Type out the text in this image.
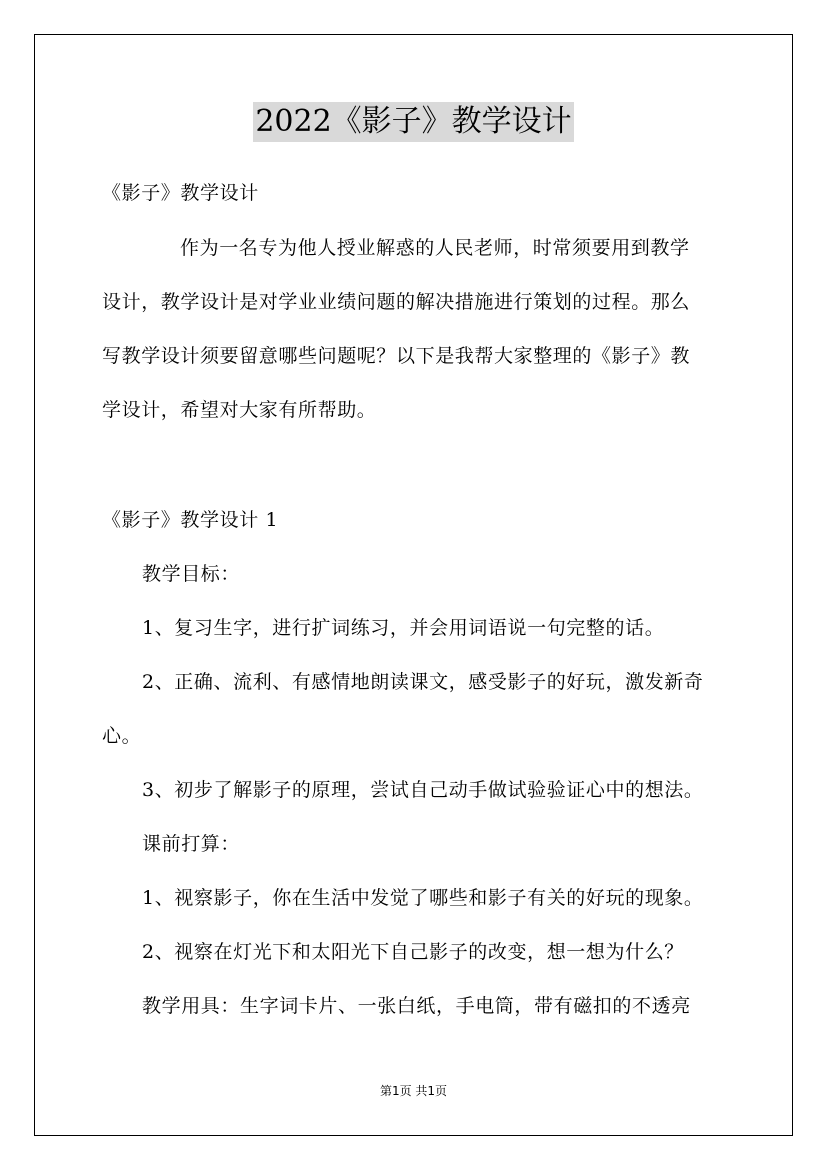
2022《影子》教学设计
《影子》教学设计
作为一名专为他人授业解惑的人民老师，时常须要用到教学
设计，教学设计是对学业业绩问题的解决措施进行策划的过程。那么
写教学设计须要留意哪些问题呢？以下是我帮大家整理的《影子》教
学设计，希望对大家有所帮助。
《影子》教学设计 1
教学目标：
1、复习生字，进行扩词练习，并会用词语说一句完整的话。
2、正确、流利、有感情地朗读课文，感受影子的好玩，激发新奇
心。
3、初步了解影子的原理，尝试自己动手做试验验证心中的想法。
课前打算：
1、视察影子，你在生活中发觉了哪些和影子有关的好玩的现象。
2、视察在灯光下和太阳光下自己影子的改变，想一想为什么？
教学用具：生字词卡片、一张白纸，手电筒，带有磁扣的不透亮
第1页 共1页
